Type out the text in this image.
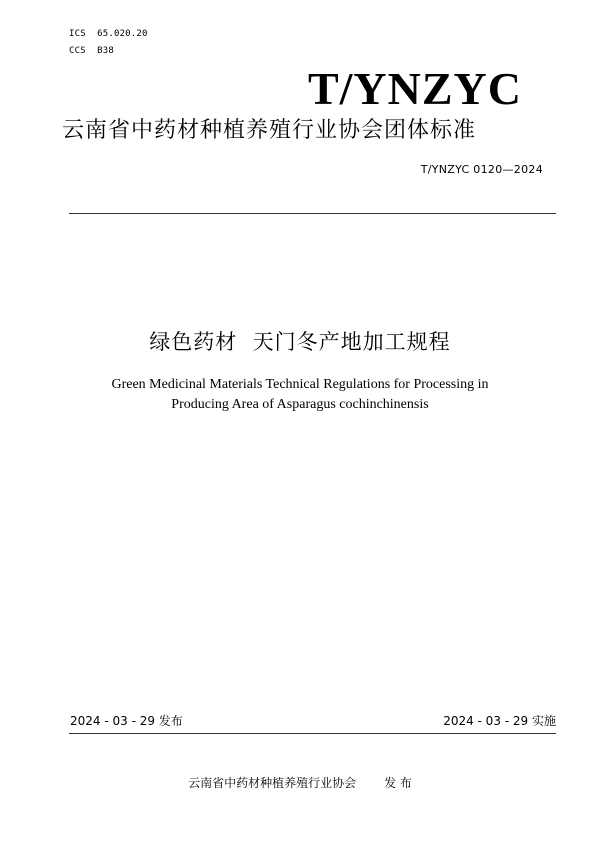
ICS  65.020.20
CCS  B38
T/YNZYC
云南省中药材种植养殖行业协会团体标准
T/YNZYC 0120—2024
绿色药材  天门冬产地加工规程
Green Medicinal Materials Technical Regulations for Processing in
Producing Area of Asparagus cochinchinensis
2024 - 03 - 29 发布	2024 - 03 - 29 实施
云南省中药材种植养殖行业协会 发 布
